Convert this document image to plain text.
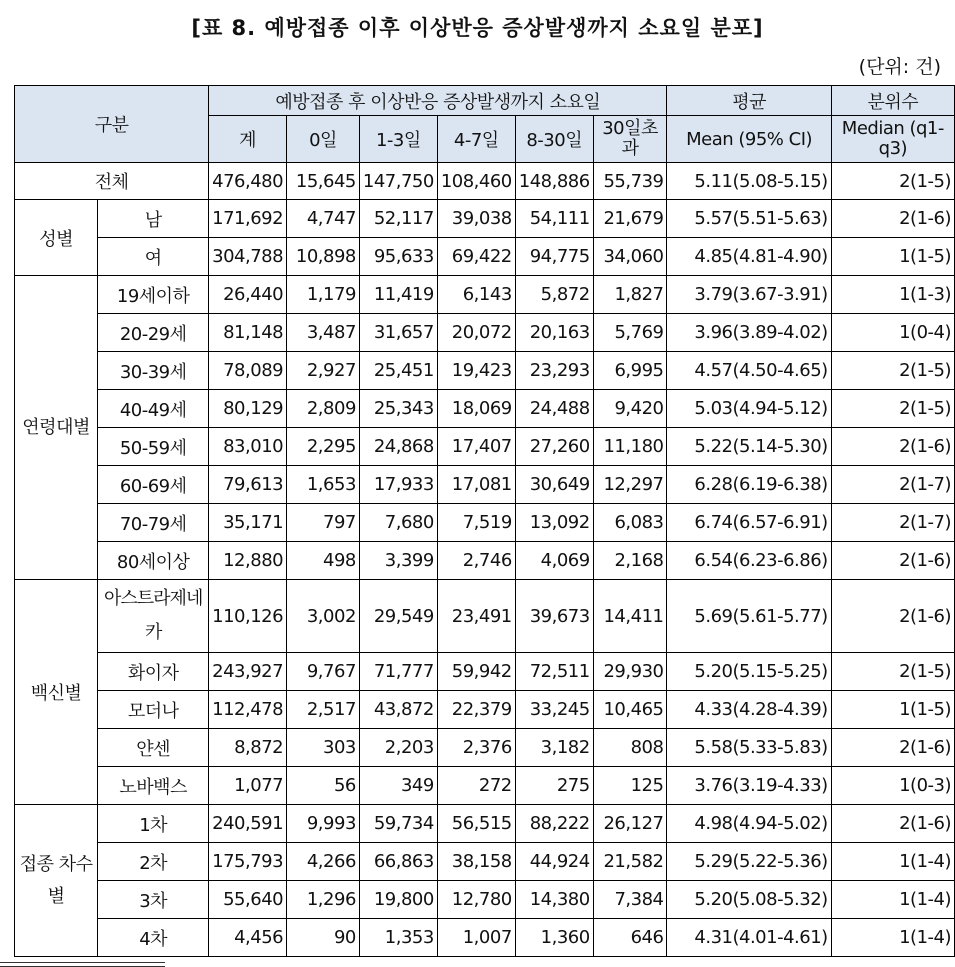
[표 8. 예방접종 이후 이상반응 증상발생까지 소요일 분포]
(단위: 건)
구분		예방접종 후 이상반응 증상발생까지 소요일						평균	분위수
		계	0일	1-3일	4-7일	8-30일	30일초과	Mean (95% CI)	Median (q1-q3)
전체		476,480	15,645	147,750	108,460	148,886	55,739	5.11(5.08-5.15)	2(1-5)
성별	남	171,692	4,747	52,117	39,038	54,111	21,679	5.57(5.51-5.63)	2(1-6)
	여	304,788	10,898	95,633	69,422	94,775	34,060	4.85(4.81-4.90)	1(1-5)
연령대별	19세이하	26,440	1,179	11,419	6,143	5,872	1,827	3.79(3.67-3.91)	1(1-3)
	20-29세	81,148	3,487	31,657	20,072	20,163	5,769	3.96(3.89-4.02)	1(0-4)
	30-39세	78,089	2,927	25,451	19,423	23,293	6,995	4.57(4.50-4.65)	2(1-5)
	40-49세	80,129	2,809	25,343	18,069	24,488	9,420	5.03(4.94-5.12)	2(1-5)
	50-59세	83,010	2,295	24,868	17,407	27,260	11,180	5.22(5.14-5.30)	2(1-6)
	60-69세	79,613	1,653	17,933	17,081	30,649	12,297	6.28(6.19-6.38)	2(1-7)
	70-79세	35,171	797	7,680	7,519	13,092	6,083	6.74(6.57-6.91)	2(1-7)
	80세이상	12,880	498	3,399	2,746	4,069	2,168	6.54(6.23-6.86)	2(1-6)
백신별	아스트라제네카	110,126	3,002	29,549	23,491	39,673	14,411	5.69(5.61-5.77)	2(1-6)
	화이자	243,927	9,767	71,777	59,942	72,511	29,930	5.20(5.15-5.25)	2(1-5)
	모더나	112,478	2,517	43,872	22,379	33,245	10,465	4.33(4.28-4.39)	1(1-5)
	얀센	8,872	303	2,203	2,376	3,182	808	5.58(5.33-5.83)	2(1-6)
	노바백스	1,077	56	349	272	275	125	3.76(3.19-4.33)	1(0-3)
접종 차수별	1차	240,591	9,993	59,734	56,515	88,222	26,127	4.98(4.94-5.02)	2(1-6)
	2차	175,793	4,266	66,863	38,158	44,924	21,582	5.29(5.22-5.36)	1(1-4)
	3차	55,640	1,296	19,800	12,780	14,380	7,384	5.20(5.08-5.32)	1(1-4)
	4차	4,456	90	1,353	1,007	1,360	646	4.31(4.01-4.61)	1(1-4)
